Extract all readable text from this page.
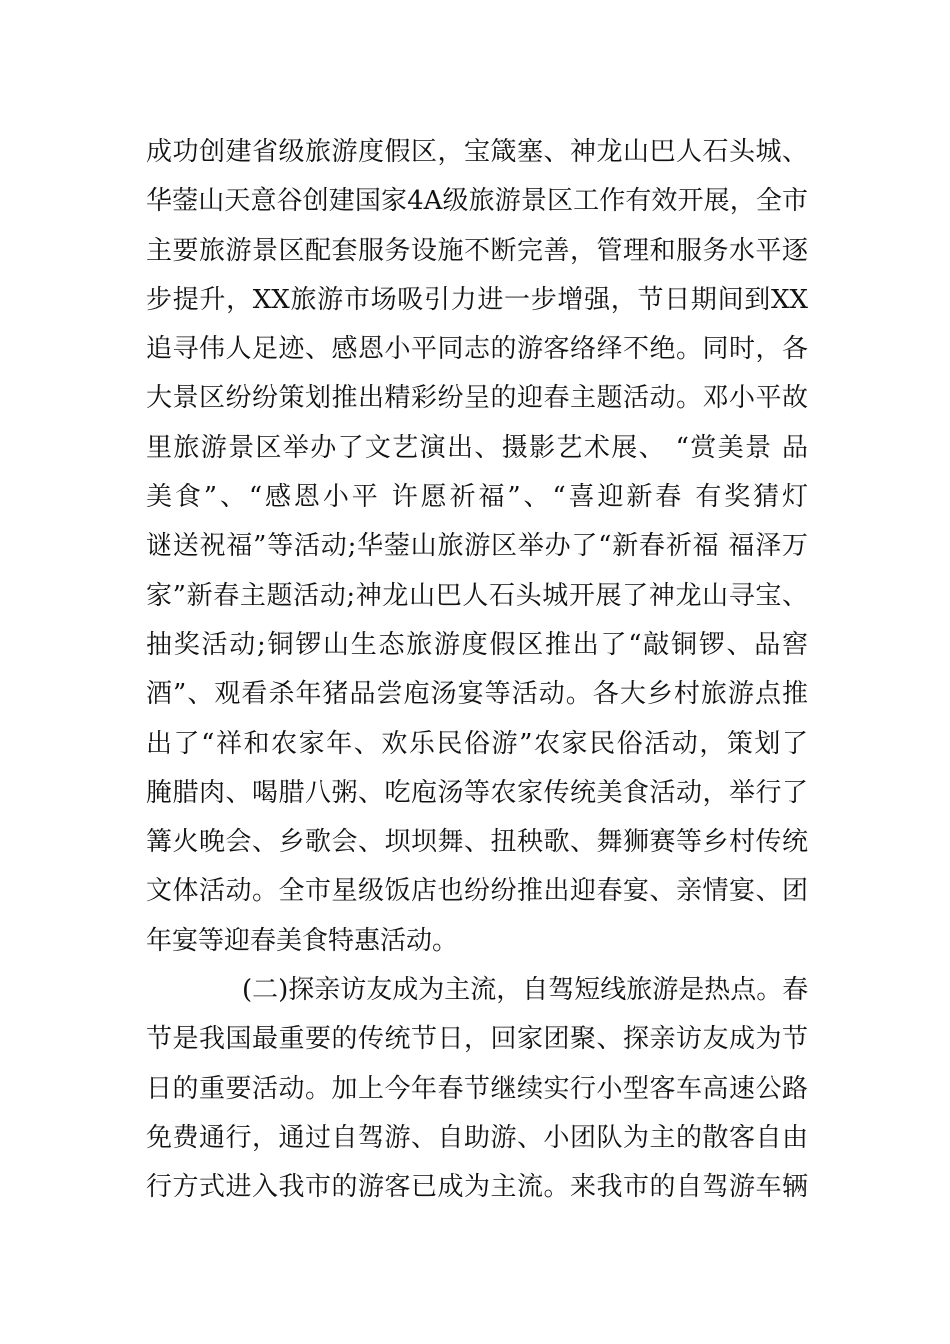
成功创建省级旅游度假区，宝箴塞、神龙山巴人石头城、
华蓥山天意谷创建国家4A级旅游景区工作有效开展，全市
主要旅游景区配套服务设施不断完善，管理和服务水平逐
步提升，XX旅游市场吸引力进一步增强，节日期间到XX
追寻伟人足迹、感恩小平同志的游客络绎不绝。同时，各
大景区纷纷策划推出精彩纷呈的迎春主题活动。邓小平故
里旅游景区举办了文艺演出、摄影艺术展、 “赏美景 品
美食”、“感恩小平 许愿祈福”、“喜迎新春 有奖猜灯
谜送祝福”等活动;华蓥山旅游区举办了“新春祈福 福泽万
家”新春主题活动;神龙山巴人石头城开展了神龙山寻宝、
抽奖活动;铜锣山生态旅游度假区推出了“敲铜锣、品窖
酒”、观看杀年猪品尝庖汤宴等活动。各大乡村旅游点推
出了“祥和农家年、欢乐民俗游”农家民俗活动，策划了
腌腊肉、喝腊八粥、吃庖汤等农家传统美食活动，举行了
篝火晚会、乡歌会、坝坝舞、扭秧歌、舞狮赛等乡村传统
文体活动。全市星级饭店也纷纷推出迎春宴、亲情宴、团
年宴等迎春美食特惠活动。
(二)探亲访友成为主流，自驾短线旅游是热点。春
节是我国最重要的传统节日，回家团聚、探亲访友成为节
日的重要活动。加上今年春节继续实行小型客车高速公路
免费通行，通过自驾游、自助游、小团队为主的散客自由
行方式进入我市的游客已成为主流。来我市的自驾游车辆
